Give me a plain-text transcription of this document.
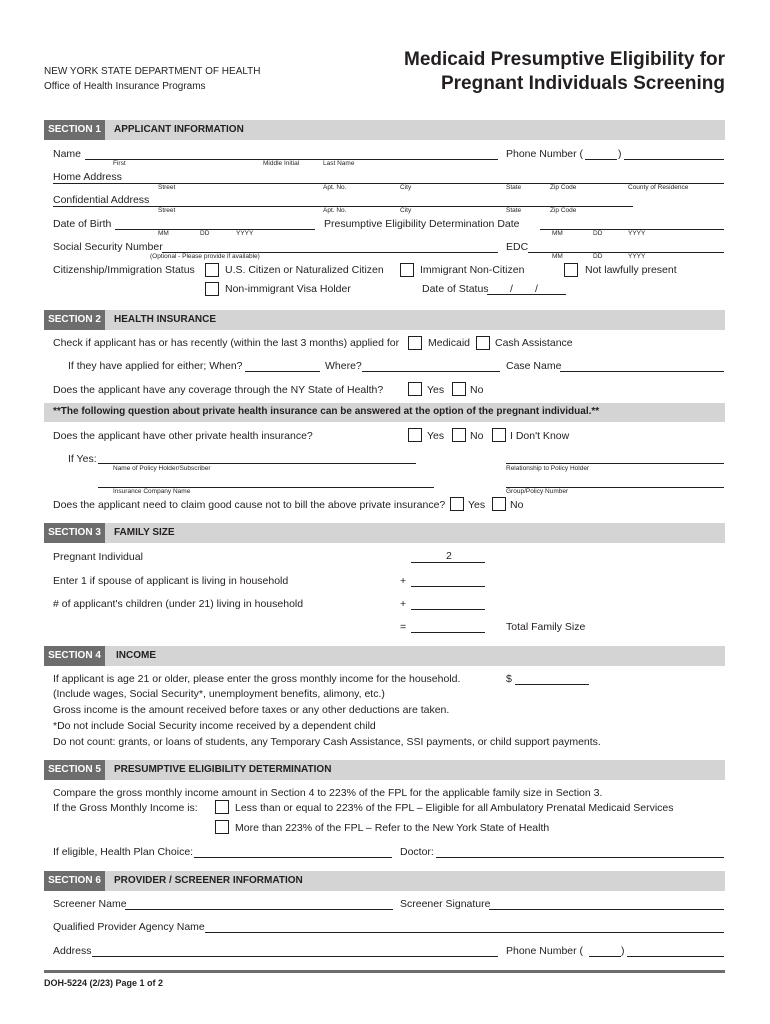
NEW YORK STATE DEPARTMENT OF HEALTH
Office of Health Insurance Programs
Medicaid Presumptive Eligibility for
Pregnant Individuals Screening
SECTION 1	APPLICANT INFORMATION
Name
First	Middle Initial	Last Name
Phone Number (	)
Home Address
Street	Apt. No.	City	State	Zip Code	County of Residence
Confidential Address
Street	Apt. No.	City	State	Zip Code
Date of Birth
MM	DD	YYYY
Presumptive Eligibility Determination Date
MM	DD	YYYY
Social Security Number
(Optional - Please provide if available)
EDC
MM	DD	YYYY
Citizenship/Immigration Status	U.S. Citizen or Naturalized Citizen	Immigrant Non-Citizen	Not lawfully present
Non-immigrant Visa Holder	Date of Status / /
SECTION 2	HEALTH INSURANCE
Check if applicant has or has recently (within the last 3 months) applied for	Medicaid Cash Assistance
If they have applied for either; When?	Where?	Case Name
Does the applicant have any coverage through the NY State of Health?	Yes No
**The following question about private health insurance can be answered at the option of the pregnant individual.**
Does the applicant have other private health insurance?	Yes No	I Don't Know
If Yes:
Name of Policy Holder/Subscriber	Relationship to Policy Holder
Insurance Company Name	Group/Policy Number
Does the applicant need to claim good cause not to bill the above private insurance? Yes No
SECTION 3	FAMILY SIZE
Pregnant Individual	2
Enter 1 if spouse of applicant is living in household	+
# of applicant's children (under 21) living in household	+
=	Total Family Size
SECTION 4	INCOME
If applicant is age 21 or older, please enter the gross monthly income for the household.	$
(Include wages, Social Security*, unemployment benefits, alimony, etc.)
Gross income is the amount received before taxes or any other deductions are taken.
*Do not include Social Security income received by a dependent child
Do not count: grants, or loans of students, any Temporary Cash Assistance, SSI payments, or child support payments.
SECTION 5	PRESUMPTIVE ELIGIBILITY DETERMINATION
Compare the gross monthly income amount in Section 4 to 223% of the FPL for the applicable family size in Section 3.
If the Gross Monthly Income is:	Less than or equal to 223% of the FPL – Eligible for all Ambulatory Prenatal Medicaid Services
More than 223% of the FPL – Refer to the New York State of Health
If eligible, Health Plan Choice:	Doctor:
SECTION 6	PROVIDER / SCREENER INFORMATION
Screener Name	Screener Signature
Qualified Provider Agency Name
Address	Phone Number (	)
DOH-5224 (2/23) Page 1 of 2
